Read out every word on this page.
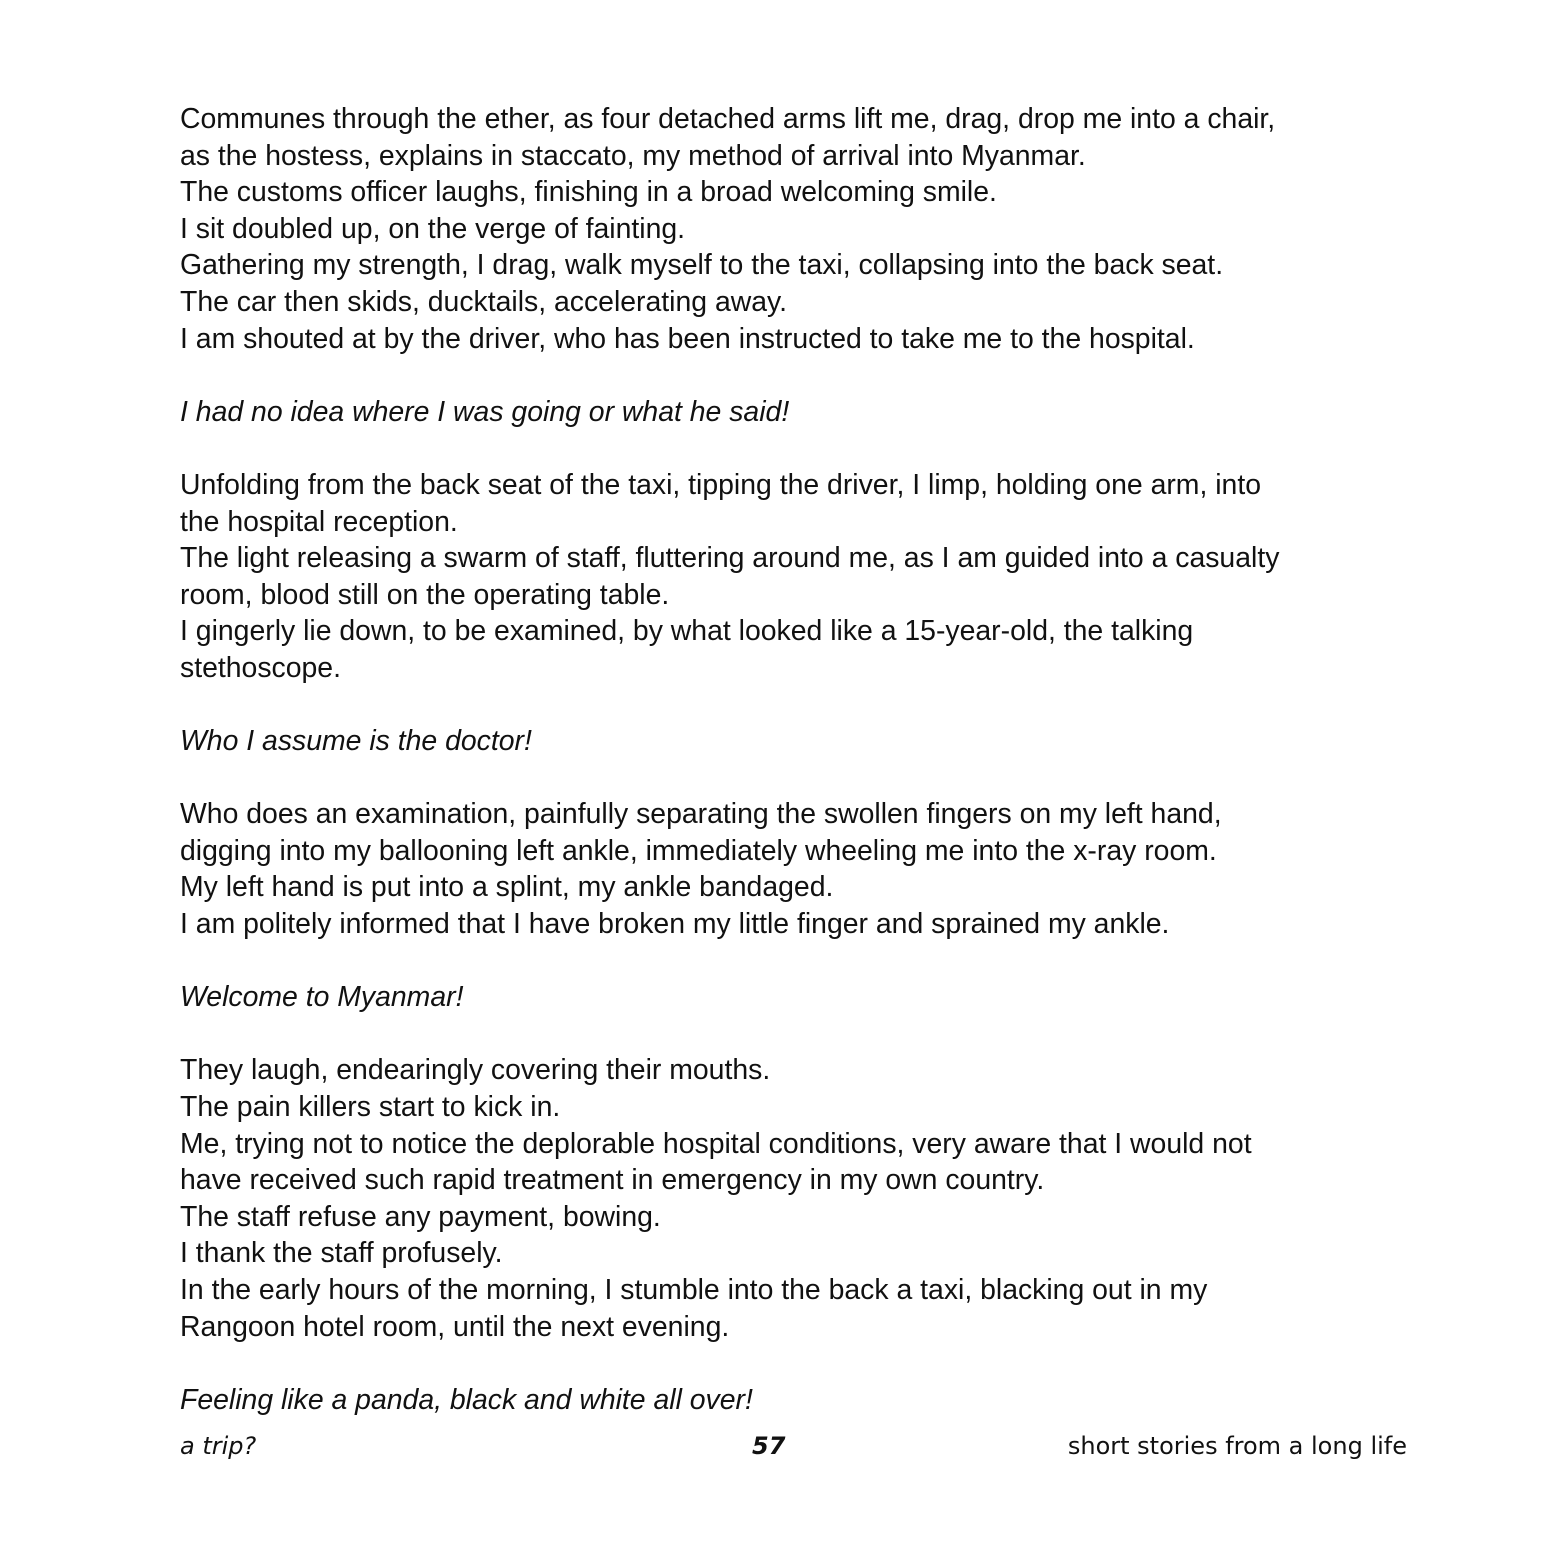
Communes through the ether, as four detached arms lift me, drag, drop me into a chair,
as the hostess, explains in staccato, my method of arrival into Myanmar.
The customs officer laughs, finishing in a broad welcoming smile.
I sit doubled up, on the verge of fainting.
Gathering my strength, I drag, walk myself to the taxi, collapsing into the back seat.
The car then skids, ducktails, accelerating away.
I am shouted at by the driver, who has been instructed to take me to the hospital.

I had no idea where I was going or what he said!

Unfolding from the back seat of the taxi, tipping the driver, I limp, holding one arm, into
the hospital reception.
The light releasing a swarm of staff, fluttering around me, as I am guided into a casualty
room, blood still on the operating table.
I gingerly lie down, to be examined, by what looked like a 15-year-old, the talking
stethoscope.

Who I assume is the doctor!

Who does an examination, painfully separating the swollen fingers on my left hand,
digging into my ballooning left ankle, immediately wheeling me into the x-ray room.
My left hand is put into a splint, my ankle bandaged.
I am politely informed that I have broken my little finger and sprained my ankle.

Welcome to Myanmar!

They laugh, endearingly covering their mouths.
The pain killers start to kick in.
Me, trying not to notice the deplorable hospital conditions, very aware that I would not
have received such rapid treatment in emergency in my own country.
The staff refuse any payment, bowing.
I thank the staff profusely.
In the early hours of the morning, I stumble into the back a taxi, blacking out in my
Rangoon hotel room, until the next evening.

Feeling like a panda, black and white all over!

a trip?	57	short stories from a long life
